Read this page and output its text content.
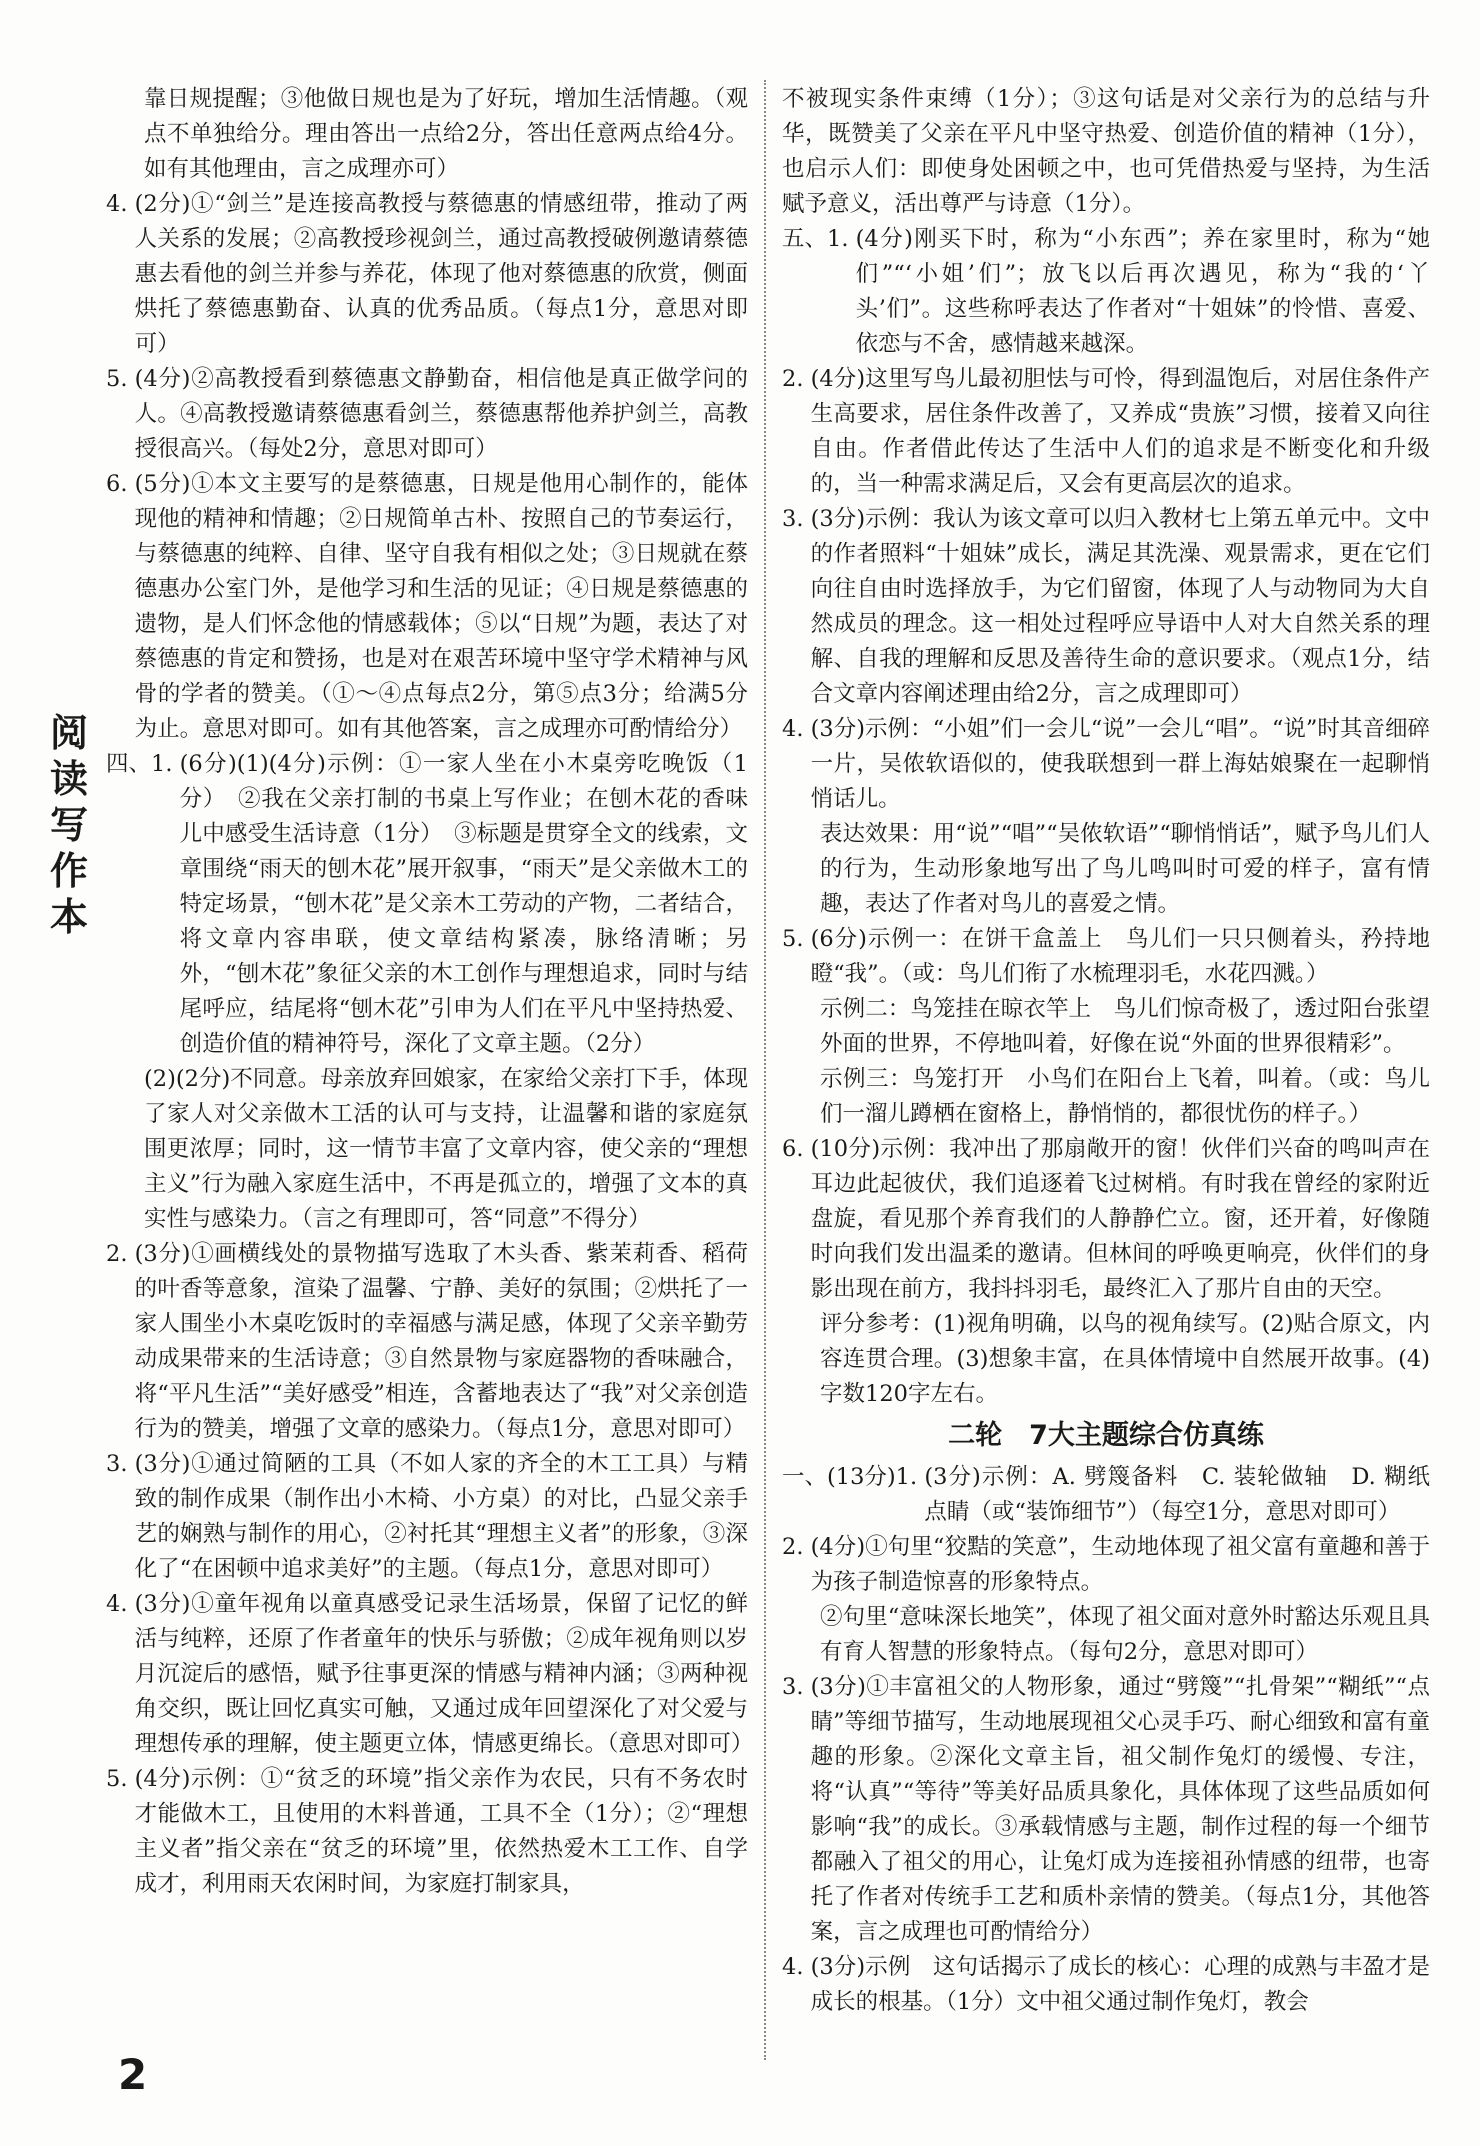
阅
读
写
作
本

靠日规提醒；③他做日规也是为了好玩，增加生活情趣。（观点不单独给分。理由答出一点给2分，答出任意两点给4分。如有其他理由，言之成理亦可）

4. (2分)①“剑兰”是连接高教授与蔡德惠的情感纽带，推动了两人关系的发展；②高教授珍视剑兰，通过高教授破例邀请蔡德惠去看他的剑兰并参与养花，体现了他对蔡德惠的欣赏，侧面烘托了蔡德惠勤奋、认真的优秀品质。（每点1分，意思对即可）
5. (4分)②高教授看到蔡德惠文静勤奋，相信他是真正做学问的人。④高教授邀请蔡德惠看剑兰，蔡德惠帮他养护剑兰，高教授很高兴。（每处2分，意思对即可）
6. (5分)①本文主要写的是蔡德惠，日规是他用心制作的，能体现他的精神和情趣；②日规简单古朴、按照自己的节奏运行，与蔡德惠的纯粹、自律、坚守自我有相似之处；③日规就在蔡德惠办公室门外，是他学习和生活的见证；④日规是蔡德惠的遗物，是人们怀念他的情感载体；⑤以“日规”为题，表达了对蔡德惠的肯定和赞扬，也是对在艰苦环境中坚守学术精神与风骨的学者的赞美。（①～④点每点2分，第⑤点3分；给满5分为止。意思对即可。如有其他答案，言之成理亦可酌情给分）
四、1. (6分)(1)(4分)示例：①一家人坐在小木桌旁吃晚饭（1分）　②我在父亲打制的书桌上写作业；在刨木花的香味儿中感受生活诗意（1分）　③标题是贯穿全文的线索，文章围绕“雨天的刨木花”展开叙事，“雨天”是父亲做木工的特定场景，“刨木花”是父亲木工劳动的产物，二者结合，将文章内容串联，使文章结构紧凑，脉络清晰；另外，“刨木花”象征父亲的木工创作与理想追求，同时与结尾呼应，结尾将“刨木花”引申为人们在平凡中坚持热爱、创造价值的精神符号，深化了文章主题。（2分）

(2)(2分)不同意。母亲放弃回娘家，在家给父亲打下手，体现了家人对父亲做木工活的认可与支持，让温馨和谐的家庭氛围更浓厚；同时，这一情节丰富了文章内容，使父亲的“理想主义”行为融入家庭生活中，不再是孤立的，增强了文本的真实性与感染力。（言之有理即可，答“同意”不得分）

2. (3分)①画横线处的景物描写选取了木头香、紫茉莉香、稻荷的叶香等意象，渲染了温馨、宁静、美好的氛围；②烘托了一家人围坐小木桌吃饭时的幸福感与满足感，体现了父亲辛勤劳动成果带来的生活诗意；③自然景物与家庭器物的香味融合，将“平凡生活”“美好感受”相连，含蓄地表达了“我”对父亲创造行为的赞美，增强了文章的感染力。（每点1分，意思对即可）
3. (3分)①通过简陋的工具（不如人家的齐全的木工工具）与精致的制作成果（制作出小木椅、小方桌）的对比，凸显父亲手艺的娴熟与制作的用心，②衬托其“理想主义者”的形象，③深化了“在困顿中追求美好”的主题。（每点1分，意思对即可）
4. (3分)①童年视角以童真感受记录生活场景，保留了记忆的鲜活与纯粹，还原了作者童年的快乐与骄傲；②成年视角则以岁月沉淀后的感悟，赋予往事更深的情感与精神内涵；③两种视角交织，既让回忆真实可触，又通过成年回望深化了对父爱与理想传承的理解，使主题更立体，情感更绵长。（意思对即可）
5. (4分)示例：①“贫乏的环境”指父亲作为农民，只有不务农时才能做木工，且使用的木料普通，工具不全（1分）；②“理想主义者”指父亲在“贫乏的环境”里，依然热爱木工工作、自学成才，利用雨天农闲时间，为家庭打制家具，

不被现实条件束缚（1分）；③这句话是对父亲行为的总结与升华，既赞美了父亲在平凡中坚守热爱、创造价值的精神（1分），也启示人们：即使身处困顿之中，也可凭借热爱与坚持，为生活赋予意义，活出尊严与诗意（1分）。

五、1. (4分)刚买下时，称为“小东西”；养在家里时，称为“她们”“‘小姐’们”；放飞以后再次遇见，称为“我的‘丫头’们”。这些称呼表达了作者对“十姐妹”的怜惜、喜爱、依恋与不舍，感情越来越深。
2. (4分)这里写鸟儿最初胆怯与可怜，得到温饱后，对居住条件产生高要求，居住条件改善了，又养成“贵族”习惯，接着又向往自由。作者借此传达了生活中人们的追求是不断变化和升级的，当一种需求满足后，又会有更高层次的追求。
3. (3分)示例：我认为该文章可以归入教材七上第五单元中。文中的作者照料“十姐妹”成长，满足其洗澡、观景需求，更在它们向往自由时选择放手，为它们留窗，体现了人与动物同为大自然成员的理念。这一相处过程呼应导语中人对大自然关系的理解、自我的理解和反思及善待生命的意识要求。（观点1分，结合文章内容阐述理由给2分，言之成理即可）
4. (3分)示例：“小姐”们一会儿“说”一会儿“唱”。“说”时其音细碎一片，吴侬软语似的，使我联想到一群上海姑娘聚在一起聊悄悄话儿。

表达效果：用“说”“唱”“吴侬软语”“聊悄悄话”，赋予鸟儿们人的行为，生动形象地写出了鸟儿鸣叫时可爱的样子，富有情趣，表达了作者对鸟儿的喜爱之情。

5. (6分)示例一：在饼干盒盖上　鸟儿们一只只侧着头，矜持地瞪“我”。（或：鸟儿们衔了水梳理羽毛，水花四溅。）

示例二：鸟笼挂在晾衣竿上　鸟儿们惊奇极了，透过阳台张望外面的世界，不停地叫着，好像在说“外面的世界很精彩”。

示例三：鸟笼打开　小鸟们在阳台上飞着，叫着。（或：鸟儿们一溜儿蹲栖在窗格上，静悄悄的，都很忧伤的样子。）

6. (10分)示例：我冲出了那扇敞开的窗！伙伴们兴奋的鸣叫声在耳边此起彼伏，我们追逐着飞过树梢。有时我在曾经的家附近盘旋，看见那个养育我们的人静静伫立。窗，还开着，好像随时向我们发出温柔的邀请。但林间的呼唤更响亮，伙伴们的身影出现在前方，我抖抖羽毛，最终汇入了那片自由的天空。

评分参考：(1)视角明确，以鸟的视角续写。(2)贴合原文，内容连贯合理。(3)想象丰富，在具体情境中自然展开故事。(4)字数120字左右。

二轮　7大主题综合仿真练
一、(13分)1. (3分)示例：A. 劈篾备料　C. 装轮做轴　D. 糊纸点睛（或“装饰细节”）（每空1分，意思对即可）
2. (4分)①句里“狡黠的笑意”，生动地体现了祖父富有童趣和善于为孩子制造惊喜的形象特点。

②句里“意味深长地笑”，体现了祖父面对意外时豁达乐观且具有育人智慧的形象特点。（每句2分，意思对即可）

3. (3分)①丰富祖父的人物形象，通过“劈篾”“扎骨架”“糊纸”“点睛”等细节描写，生动地展现祖父心灵手巧、耐心细致和富有童趣的形象。②深化文章主旨，祖父制作兔灯的缓慢、专注，将“认真”“等待”等美好品质具象化，具体体现了这些品质如何影响“我”的成长。③承载情感与主题，制作过程的每一个细节都融入了祖父的用心，让兔灯成为连接祖孙情感的纽带，也寄托了作者对传统手工艺和质朴亲情的赞美。（每点1分，其他答案，言之成理也可酌情给分）
4. (3分)示例　这句话揭示了成长的核心：心理的成熟与丰盈才是成长的根基。（1分）文中祖父通过制作兔灯，教会
2
